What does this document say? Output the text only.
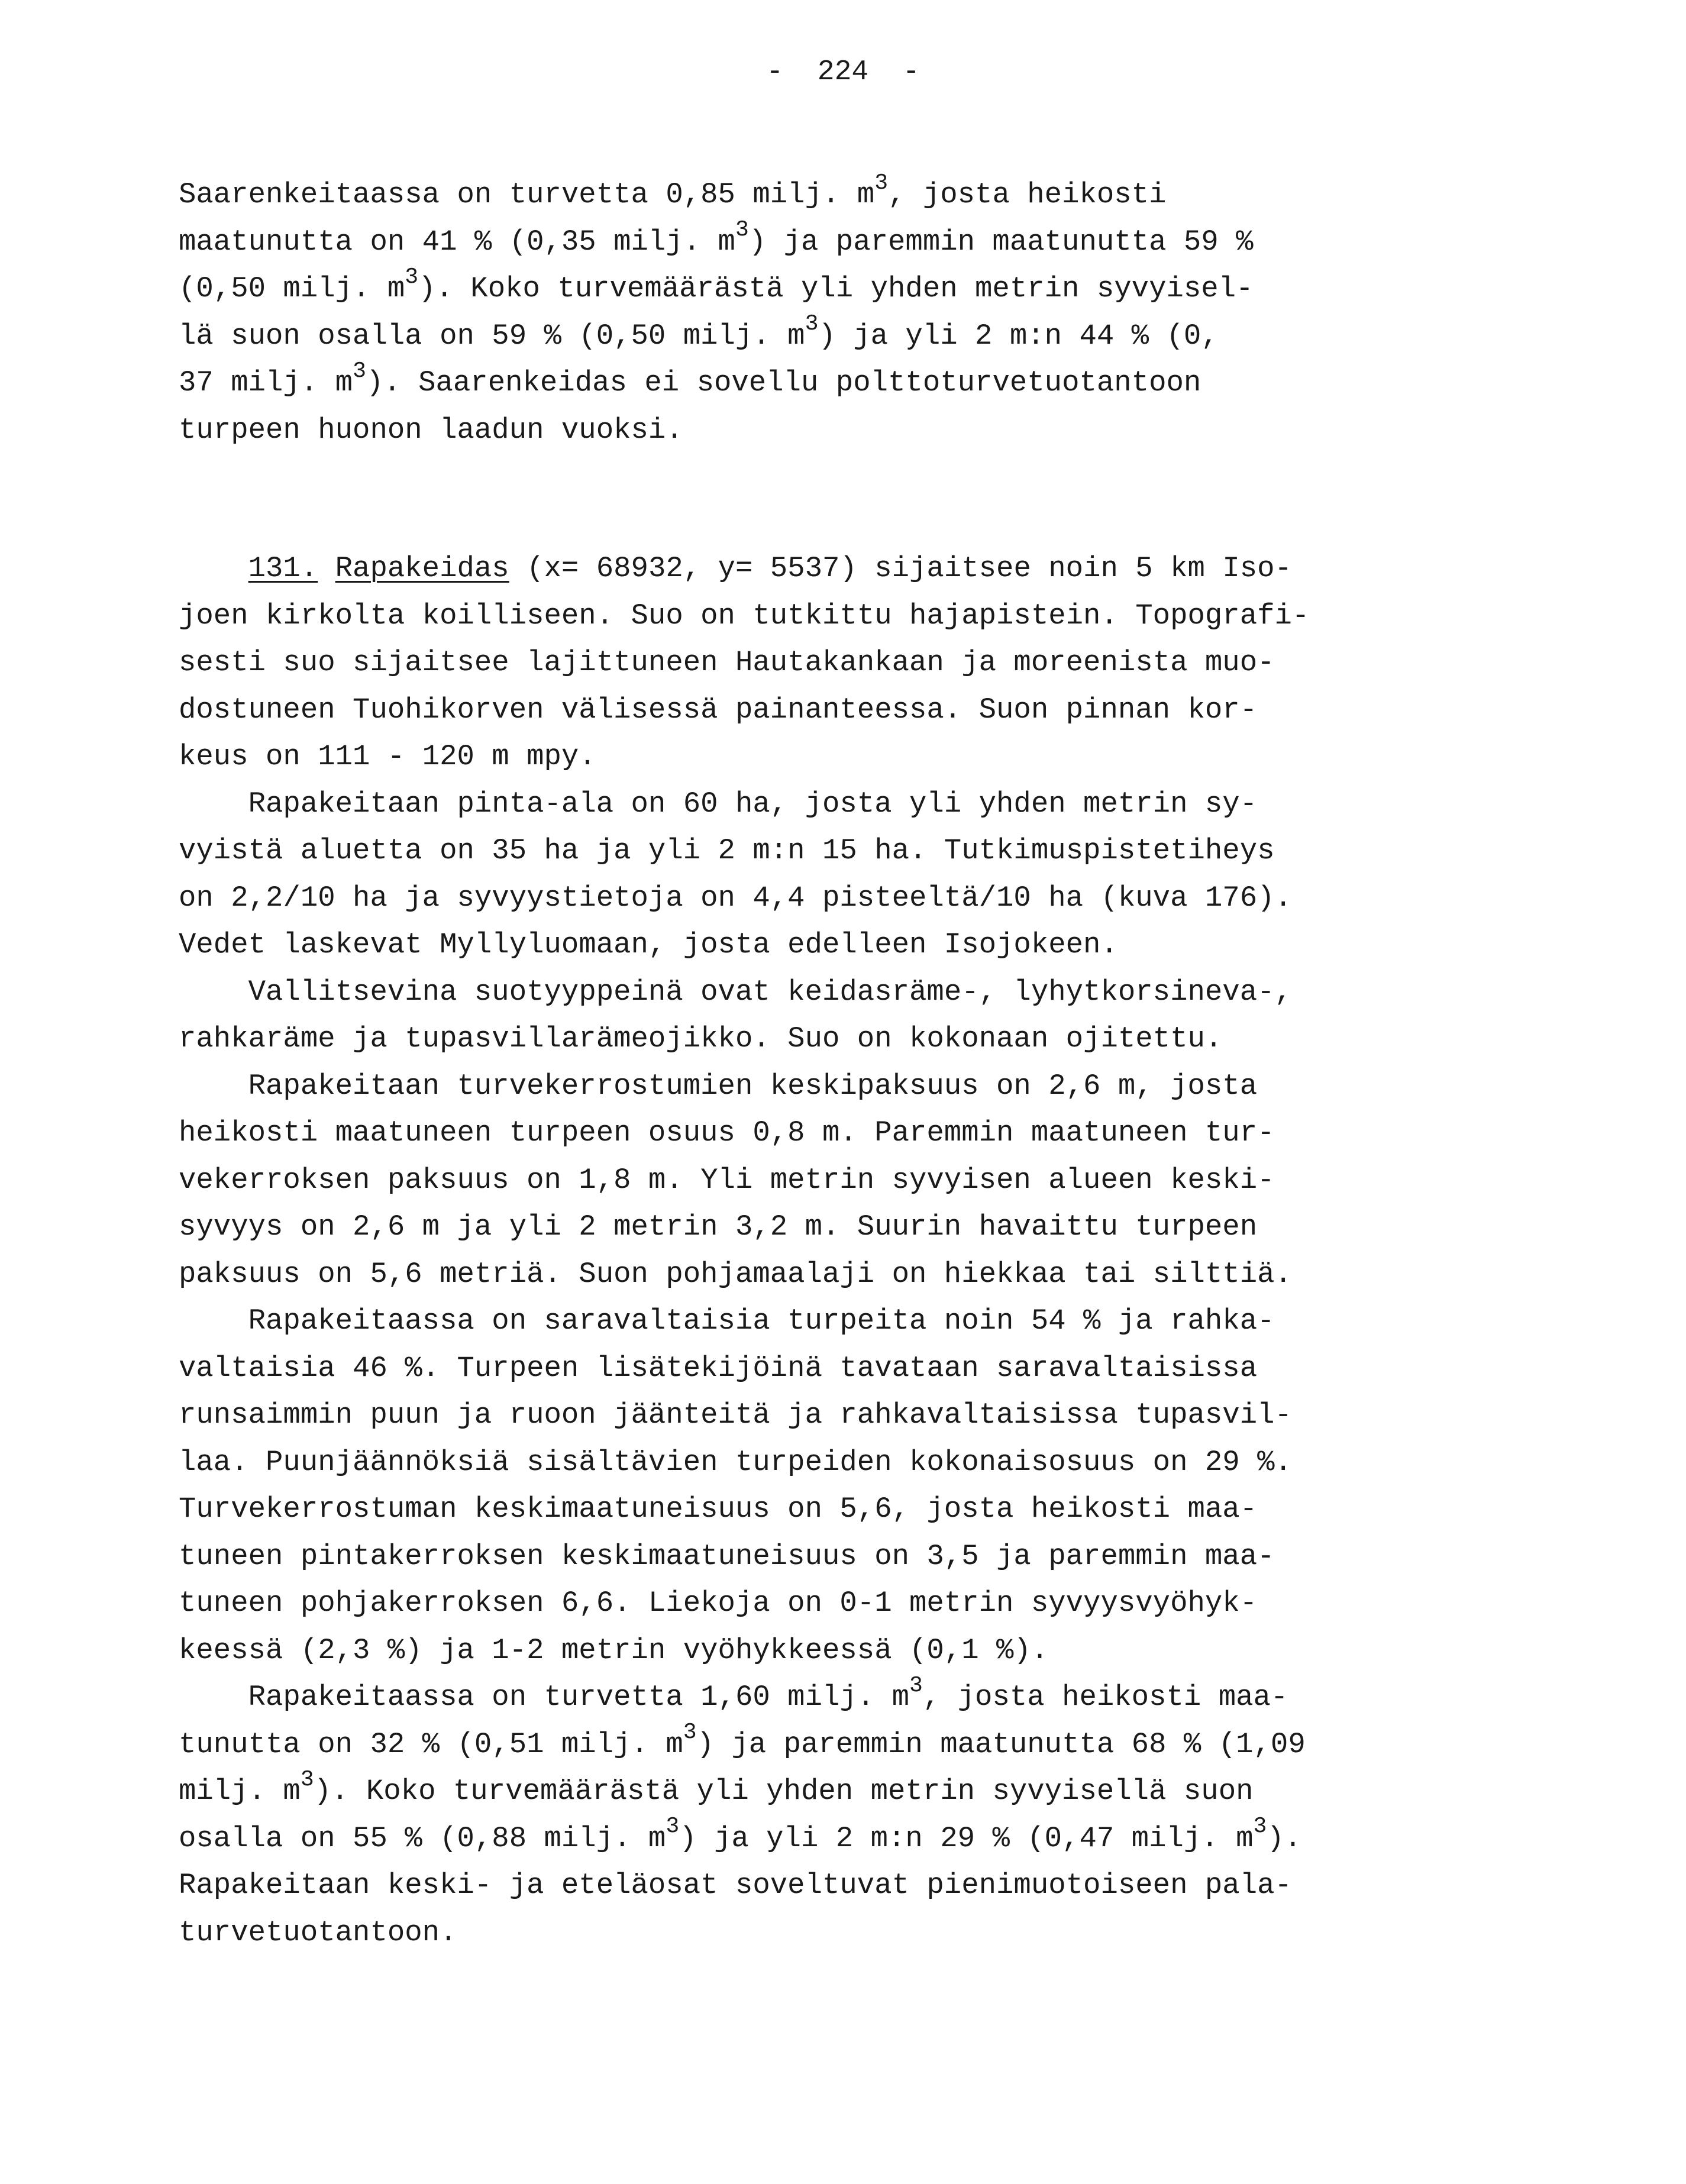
-  224  -
Saarenkeitaassa on turvetta 0,85 milj. $m^3$, josta heikosti
maatunutta on 41 % (0,35 milj. $m^3$) ja paremmin maatunutta 59 %
(0,50 milj. $m^3$). Koko turvemäärästä yli yhden metrin syvyisel-
lä suon osalla on 59 % (0,50 milj. $m^3$) ja yli 2 m:n 44 % (0,
37 milj. $m^3$). Saarenkeidas ei sovellu polttoturvetuotantoon
turpeen huonon laadun vuoksi.
131. Rapakeidas (x= 68932, y= 5537) sijaitsee noin 5 km Iso-
joen kirkolta koilliseen. Suo on tutkittu hajapistein. Topografi-
sesti suo sijaitsee lajittuneen Hautakankaan ja moreenista muo-
dostuneen Tuohikorven välisessä painanteessa. Suon pinnan kor-
keus on 111 - 120 m mpy.
Rapakeitaan pinta-ala on 60 ha, josta yli yhden metrin sy-
vyistä aluetta on 35 ha ja yli 2 m:n 15 ha. Tutkimuspistetiheys
on 2,2/10 ha ja syvyystietoja on 4,4 pisteeltä/10 ha (kuva 176).
Vedet laskevat Myllyluomaan, josta edelleen Isojokeen.
Vallitsevina suotyyppeinä ovat keidasräme-, lyhytkorsineva-,
rahkaräme ja tupasvillarämeojikko. Suo on kokonaan ojitettu.
Rapakeitaan turvekerrostumien keskipaksuus on 2,6 m, josta
heikosti maatuneen turpeen osuus 0,8 m. Paremmin maatuneen tur-
vekerroksen paksuus on 1,8 m. Yli metrin syvyisen alueen keski-
syvyys on 2,6 m ja yli 2 metrin 3,2 m. Suurin havaittu turpeen
paksuus on 5,6 metriä. Suon pohjamaalaji on hiekkaa tai silttiä.
Rapakeitaassa on saravaltaisia turpeita noin 54 % ja rahka-
valtaisia 46 %. Turpeen lisätekijöinä tavataan saravaltaisissa
runsaimmin puun ja ruoon jäänteitä ja rahkavaltaisissa tupasvil-
laa. Puunjäännöksiä sisältävien turpeiden kokonaisosuus on 29 %.
Turvekerrostuman keskimaatuneisuus on 5,6, josta heikosti maa-
tuneen pintakerroksen keskimaatuneisuus on 3,5 ja paremmin maa-
tuneen pohjakerroksen 6,6. Liekoja on 0-1 metrin syvyysvyöhyk-
keessä (2,3 %) ja 1-2 metrin vyöhykkeessä (0,1 %).
Rapakeitaassa on turvetta 1,60 milj. $m^3$, josta heikosti maa-
tunutta on 32 % (0,51 milj. $m^3$) ja paremmin maatunutta 68 % (1,09
milj. $m^3$). Koko turvemäärästä yli yhden metrin syvyisellä suon
osalla on 55 % (0,88 milj. $m^3$) ja yli 2 m:n 29 % (0,47 milj. $m^3$).
Rapakeitaan keski- ja eteläosat soveltuvat pienimuotoiseen pala-
turvetuotantoon.
